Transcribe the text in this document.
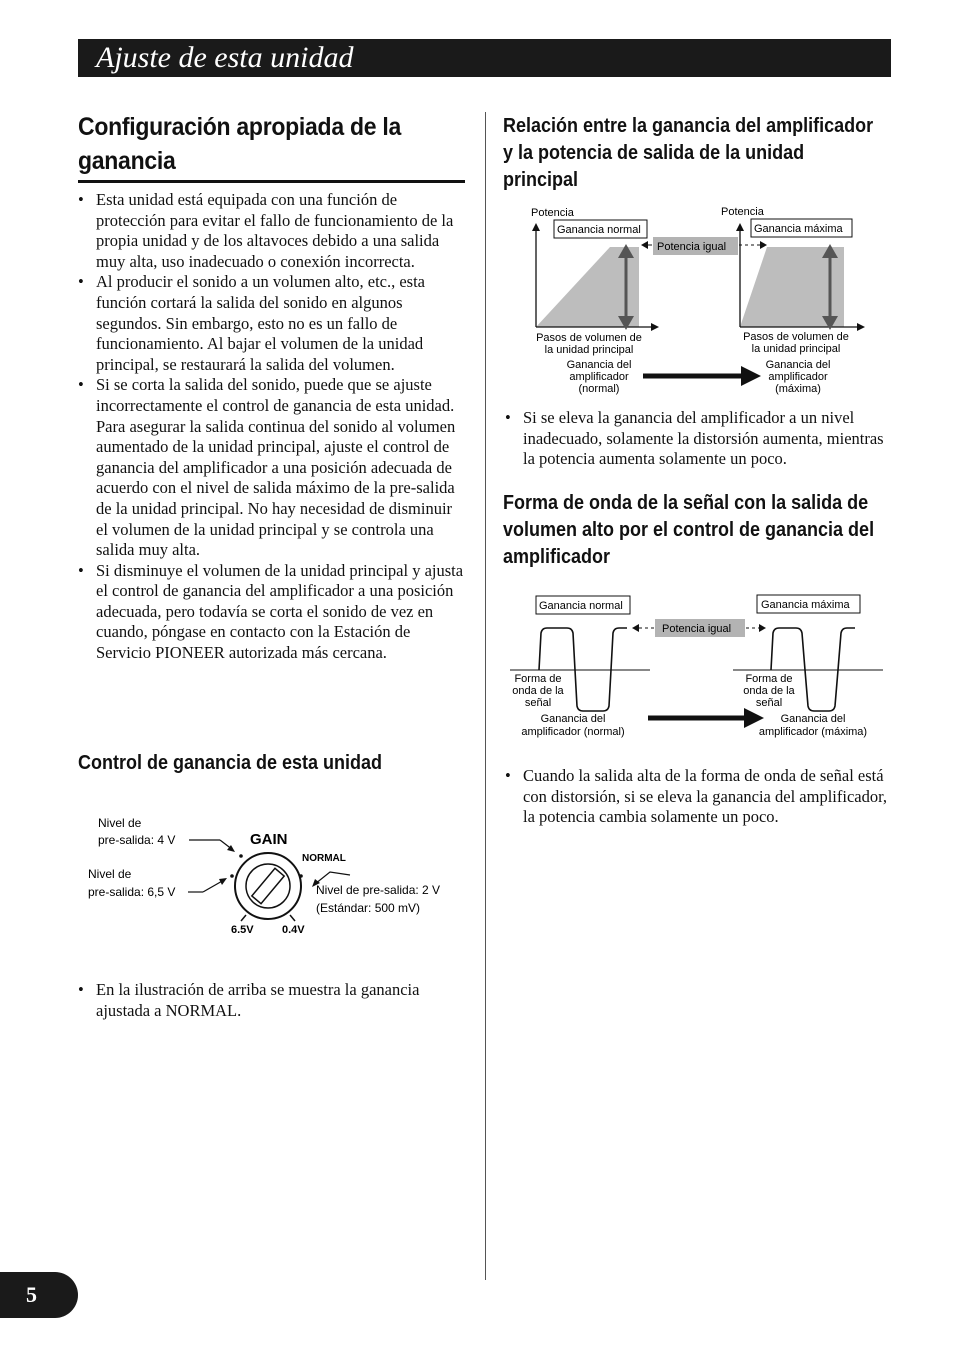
Ajuste de esta unidad
Configuración apropiada de la ganancia
• Esta unidad está equipada con una función de protección para evitar el fallo de funcionamiento de la propia unidad y de los altavoces debido a una salida muy alta, uso inadecuado o conexión incorrecta.
• Al producir el sonido a un volumen alto, etc., esta función cortará la salida del sonido en algunos segundos. Sin embargo, esto no es un fallo de funcionamiento. Al bajar el volumen de la unidad principal, se restaurará la salida del volumen.
• Si se corta la salida del sonido, puede que se ajuste incorrectamente el control de ganancia de esta unidad. Para asegurar la salida continua del sonido al volumen aumentado de la unidad principal, ajuste el control de ganancia del amplificador a una posición adecuada de acuerdo con el nivel de salida máximo de la pre-salida de la unidad principal. No hay necesidad de disminuir el volumen de la unidad principal y se controla una salida muy alta.
• Si disminuye el volumen de la unidad principal y ajusta el control de ganancia del amplificador a una posición adecuada, pero todavía se corta el sonido de vez en cuando, póngase en contacto con la Estación de Servicio PIONEER autorizada más cercana.
Control de ganancia de esta unidad
Nivel de
pre-salida: 4 V
Nivel de
pre-salida: 6,5 V
GAIN
NORMAL
6.5V	0.4V
Nivel de pre-salida: 2 V
(Estándar: 500 mV)
• En la ilustración de arriba se muestra la ganancia ajustada a NORMAL.
Relación entre la ganancia del amplificador y la potencia de salida de la unidad principal
Potencia
Ganancia normal
Pasos de volumen de
la unidad principal
Ganancia del
amplificador
(normal)
Potencia
Ganancia máxima
Pasos de volumen de
la unidad principal
Ganancia del
amplificador
(máxima)
Potencia igual
• Si se eleva la ganancia del amplificador a un nivel inadecuado, solamente la distorsión aumenta, mientras la potencia aumenta solamente un poco.
Forma de onda de la señal con la salida de volumen alto por el control de ganancia del amplificador
Ganancia normal	Ganancia máxima
Potencia igual
Forma de
onda de la
señal
Ganancia del
amplificador (normal)
Forma de
onda de la
señal
Ganancia del
amplificador (máxima)
• Cuando la salida alta de la forma de onda de señal está con distorsión, si se eleva la ganancia del amplificador, la potencia cambia solamente un poco.
5
